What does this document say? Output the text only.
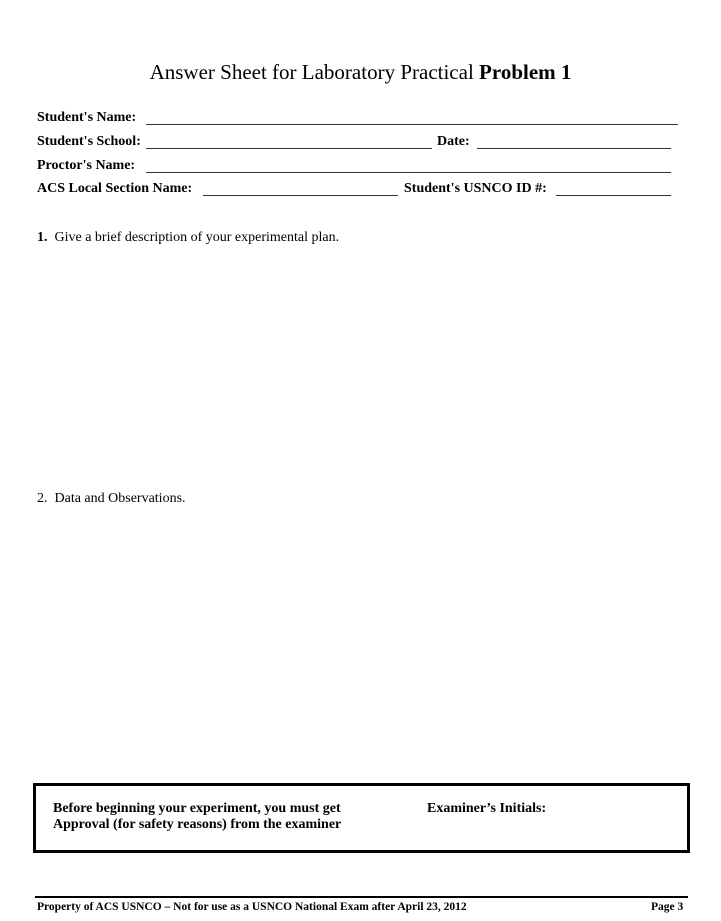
Answer Sheet for Laboratory Practical Problem 1
Student's Name:
Student's School:	Date:
Proctor's Name:
ACS Local Section Name:	Student's USNCO ID #:
1. Give a brief description of your experimental plan.
2. Data and Observations.
Before beginning your experiment, you must get
Approval (for safety reasons) from the examiner
Examiner’s Initials:
Property of ACS USNCO – Not for use as a USNCO National Exam after April 23, 2012	Page 3
